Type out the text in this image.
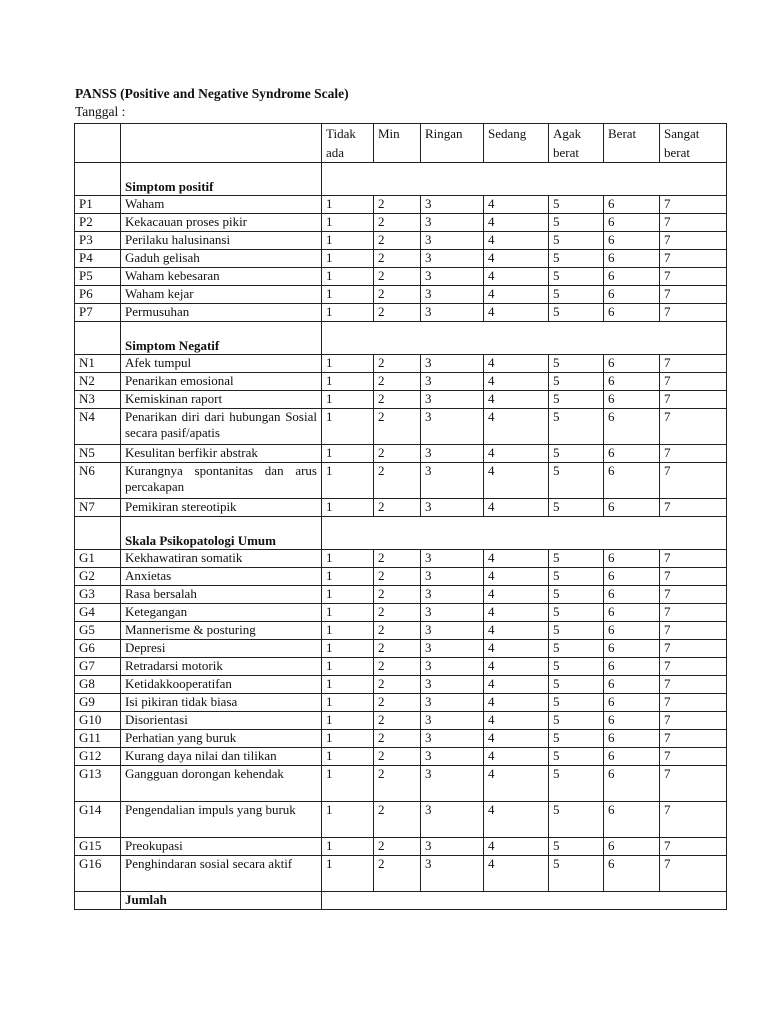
PANSS (Positive and Negative Syndrome Scale)
Tanggal :
		Tidak ada	Min	Ringan	Sedang	Agak berat	Berat	Sangat berat
	Simptom positif							
P1	Waham	1	2	3	4	5	6	7
P2	Kekacauan proses pikir	1	2	3	4	5	6	7
P3	Perilaku halusinansi	1	2	3	4	5	6	7
P4	Gaduh gelisah	1	2	3	4	5	6	7
P5	Waham kebesaran	1	2	3	4	5	6	7
P6	Waham kejar	1	2	3	4	5	6	7
P7	Permusuhan	1	2	3	4	5	6	7
	Simptom Negatif							
N1	Afek tumpul	1	2	3	4	5	6	7
N2	Penarikan emosional	1	2	3	4	5	6	7
N3	Kemiskinan raport	1	2	3	4	5	6	7
N4	Penarikan diri dari hubungan Sosial secara pasif/apatis	1	2	3	4	5	6	7
N5	Kesulitan berfikir abstrak	1	2	3	4	5	6	7
N6	Kurangnya spontanitas dan arus percakapan	1	2	3	4	5	6	7
N7	Pemikiran stereotipik	1	2	3	4	5	6	7
	Skala Psikopatologi Umum							
G1	Kekhawatiran somatik	1	2	3	4	5	6	7
G2	Anxietas	1	2	3	4	5	6	7
G3	Rasa bersalah	1	2	3	4	5	6	7
G4	Ketegangan	1	2	3	4	5	6	7
G5	Mannerisme & posturing	1	2	3	4	5	6	7
G6	Depresi	1	2	3	4	5	6	7
G7	Retradarsi motorik	1	2	3	4	5	6	7
G8	Ketidakkooperatifan	1	2	3	4	5	6	7
G9	Isi pikiran tidak biasa	1	2	3	4	5	6	7
G10	Disorientasi	1	2	3	4	5	6	7
G11	Perhatian yang buruk	1	2	3	4	5	6	7
G12	Kurang daya nilai dan tilikan	1	2	3	4	5	6	7
G13	Gangguan dorongan kehendak	1	2	3	4	5	6	7
G14	Pengendalian impuls yang buruk	1	2	3	4	5	6	7
G15	Preokupasi	1	2	3	4	5	6	7
G16	Penghindaran sosial secara aktif	1	2	3	4	5	6	7
	Jumlah							
